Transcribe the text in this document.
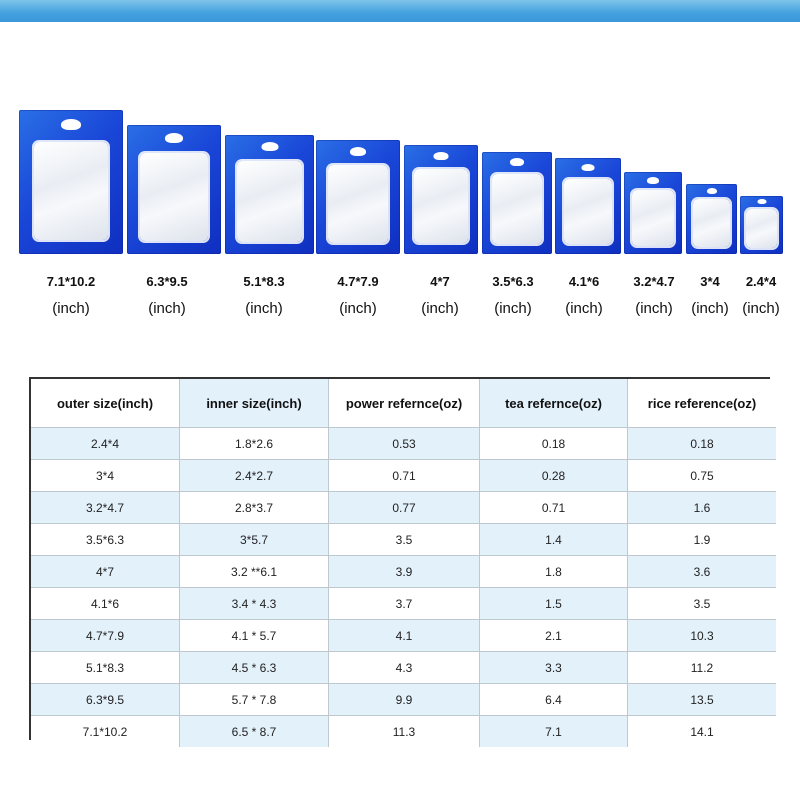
7.1*10.2
(inch)
6.3*9.5
(inch)
5.1*8.3
(inch)
4.7*7.9
(inch)
4*7
(inch)
3.5*6.3
(inch)
4.1*6
(inch)
3.2*4.7
(inch)
3*4
(inch)
2.4*4
(inch)
outer size(inch)	inner size(inch)	power refernce(oz)	tea refernce(oz)	rice reference(oz)
2.4*4	1.8*2.6	0.53	0.18	0.18
3*4	2.4*2.7	0.71	0.28	0.75
3.2*4.7	2.8*3.7	0.77	0.71	1.6
3.5*6.3	3*5.7	3.5	1.4	1.9
4*7	3.2 **6.1	3.9	1.8	3.6
4.1*6	3.4 * 4.3	3.7	1.5	3.5
4.7*7.9	4.1 * 5.7	4.1	2.1	10.3
5.1*8.3	4.5 * 6.3	4.3	3.3	11.2
6.3*9.5	5.7 * 7.8	9.9	6.4	13.5
7.1*10.2	6.5 * 8.7	11.3	7.1	14.1
